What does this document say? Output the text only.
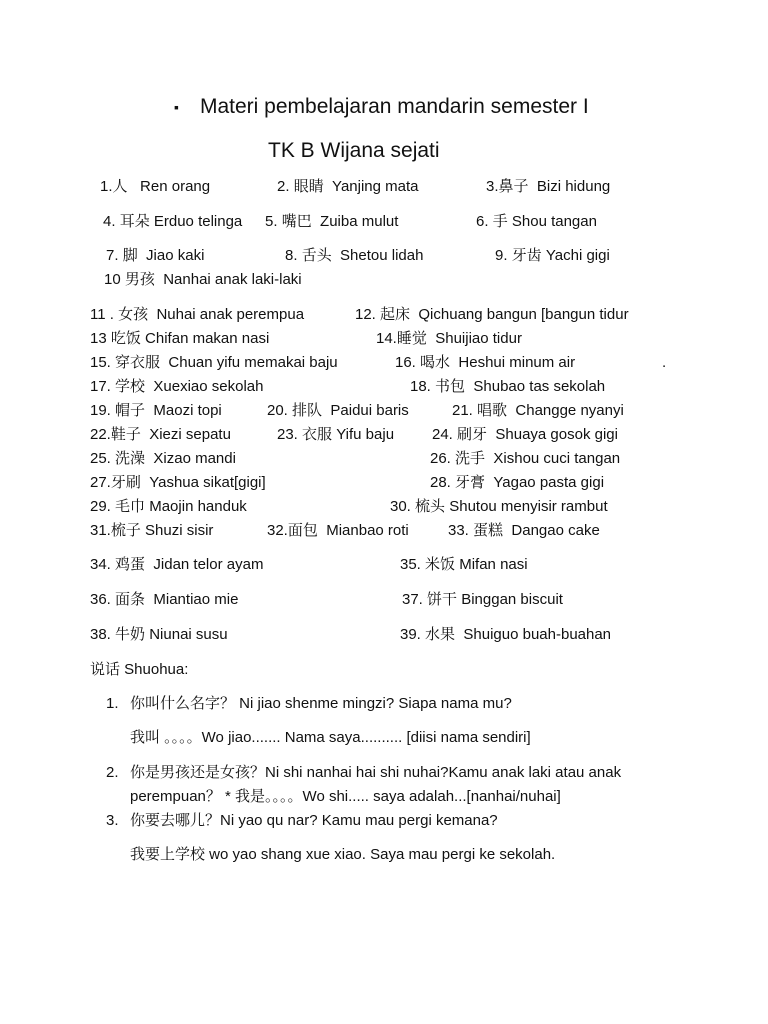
▪ Materi pembelajaran mandarin semester I
TK B Wijana sejati
1.人 Ren orang	2. 眼睛 Yanjing mata	3.鼻子 Bizi hidung
4. 耳朵 Erduo telinga 5. 嘴巴 Zuiba mulut	6. 手 Shou tangan
7. 脚 Jiao kaki	8. 舌头 Shetou lidah	9. 牙齿 Yachi gigi
10 男孩 Nanhai anak laki-laki
11 . 女孩 Nuhai anak perempua	12. 起床 Qichuang bangun [bangun tidur
13 吃饭 Chifan makan nasi	14.睡觉 Shuijiao tidur
15. 穿衣服 Chuan yifu memakai baju	16. 喝水 Heshui minum air	.
17. 学校 Xuexiao sekolah	18. 书包 Shubao tas sekolah
19. 帽子 Maozi topi	20. 排队 Paidui baris	21. 唱歌 Changge nyanyi
22.鞋子 Xiezi sepatu	23. 衣服 Yifu baju	24. 刷牙 Shuaya gosok gigi
25. 洗澡 Xizao mandi	26. 洗手 Xishou cuci tangan
27.牙刷 Yashua sikat[gigi]	28. 牙膏 Yagao pasta gigi
29. 毛巾 Maojin handuk	30. 梳头 Shutou menyisir rambut
31.梳子 Shuzi sisir	32.面包 Mianbao roti	33. 蛋糕 Dangao cake
34. 鸡蛋 Jidan telor ayam	35. 米饭 Mifan nasi
36. 面条 Miantiao mie	37. 饼干 Binggan biscuit
38. 牛奶 Niunai susu	39. 水果 Shuiguo buah-buahan
说话 Shuohua:
1. 你叫什么名字？ Ni jiao shenme mingzi? Siapa nama mu?
我叫 。。。。Wo jiao....... Nama saya.......... [diisi nama sendiri]
2. 你是男孩还是女孩？Ni shi nanhai hai shi nuhai?Kamu anak laki atau anak
perempuan？ * 我是。。。。Wo shi..... saya adalah...[nanhai/nuhai]
3. 你要去哪儿？Ni yao qu nar? Kamu mau pergi kemana?
我要上学校 wo yao shang xue xiao. Saya mau pergi ke sekolah.
